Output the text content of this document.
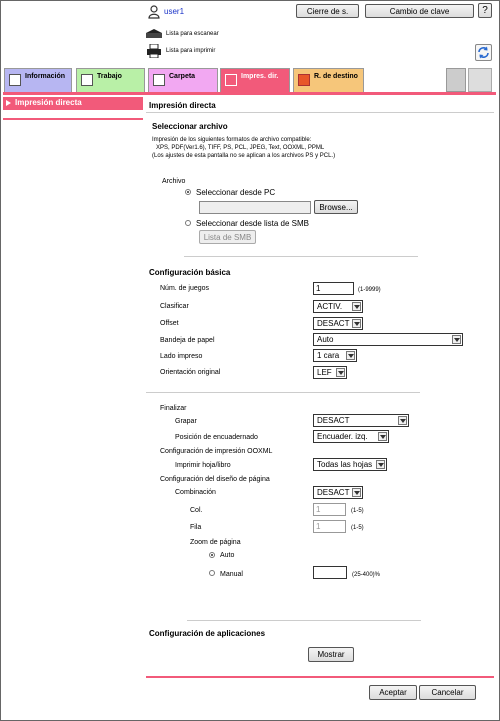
user1	Cierre de s.	Cambio de clave	?
Lista para escanear
Lista para imprimir
Información	Trabajo	Carpeta	Impres. dir.	R. de destino
Impresión directa	Impresión directa
Seleccionar archivo
Impresión de los siguientes formatos de archivo compatible:
XPS, PDF(Ver1.6), TIFF, PS, PCL, JPEG, Text, OOXML, PPML
(Los ajustes de esta pantalla no se aplican a los archivos PS y PCL.)
Archivo
Seleccionar desde PC
Browse...
Seleccionar desde lista de SMB
Lista de SMB
Configuración básica
Núm. de juegos	1	(1-9999)
Clasificar	ACTIV.
Offset	DESACT
Bandeja de papel	Auto
Lado impreso	1 cara
Orientación original	LEF
Finalizar
Grapar	DESACT
Posición de encuadernado	Encuader. izq.
Configuración de impresión OOXML
Imprimir hoja/libro	Todas las hojas
Configuración del diseño de página
Combinación	DESACT
Col.	1	(1-5)
Fila	1	(1-5)
Zoom de página
Auto
Manual	(25-400)%
Configuración de aplicaciones
Mostrar
Aceptar	Cancelar
